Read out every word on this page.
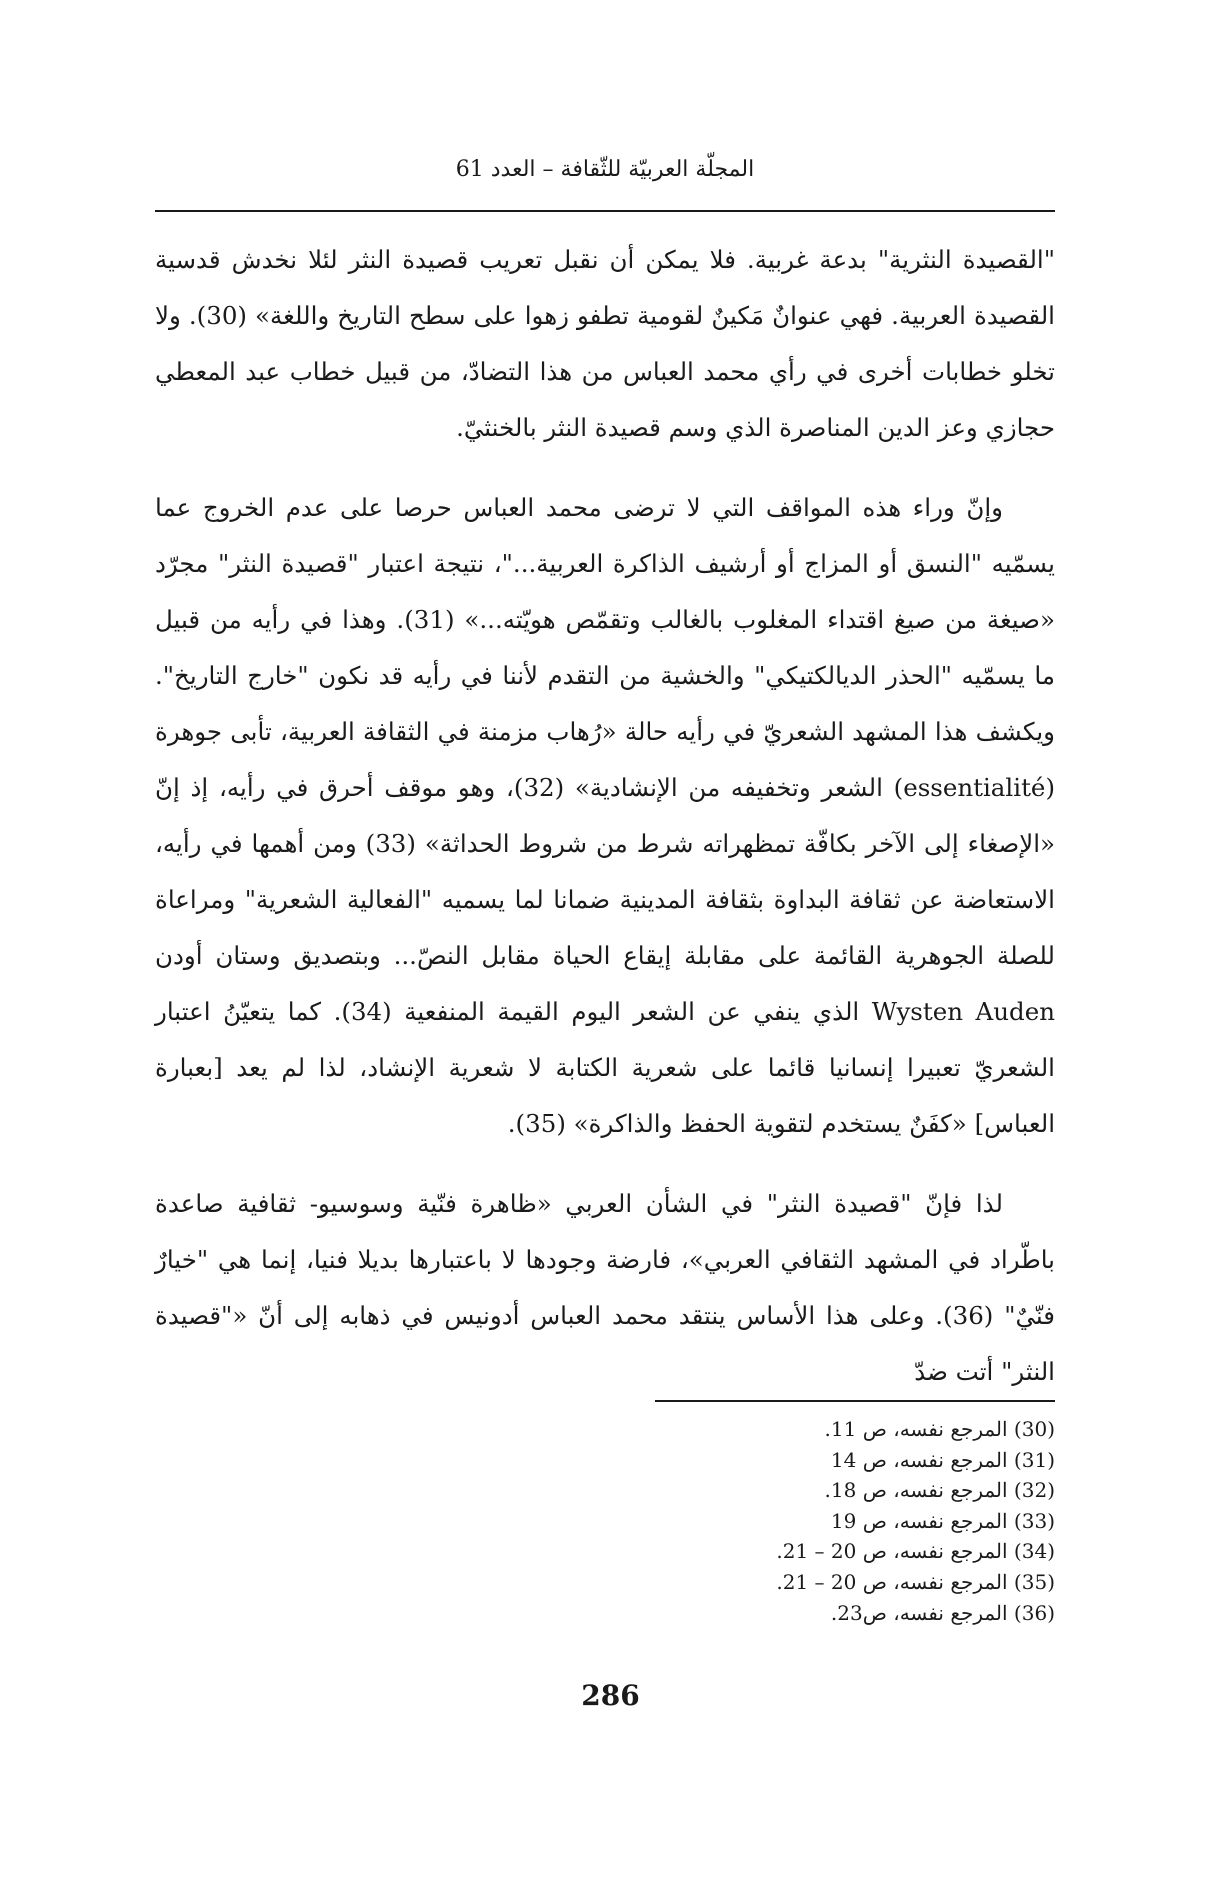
المجلّة العربيّة للثّقافة – العدد 61

"القصيدة النثرية" بدعة غربية. فلا يمكن أن نقبل تعريب قصيدة النثر لئلا نخدش قدسية القصيدة العربية. فهي عنوانٌ مَكينٌ لقومية تطفو زهوا على سطح التاريخ واللغة» (30). ولا تخلو خطابات أخرى في رأي محمد العباس من هذا التضادّ، من قبيل خطاب عبد المعطي حجازي وعز الدين المناصرة الذي وسم قصيدة النثر بالخنثيّ.

وإنّ وراء هذه المواقف التي لا ترضى محمد العباس حرصا على عدم الخروج عما يسمّيه "النسق أو المزاج أو أرشيف الذاكرة العربية..."، نتيجة اعتبار "قصيدة النثر" مجرّد «صيغة من صيغ اقتداء المغلوب بالغالب وتقمّص هويّته...» (31). وهذا في رأيه من قبيل ما يسمّيه "الحذر الديالكتيكي" والخشية من التقدم لأننا في رأيه قد نكون "خارج التاريخ". ويكشف هذا المشهد الشعريّ في رأيه حالة «رُهاب مزمنة في الثقافة العربية، تأبى جوهرة (essentialité) الشعر وتخفيفه من الإنشادية» (32)، وهو موقف أحرق في رأيه، إذ إنّ «الإصغاء إلى الآخر بكافّة تمظهراته شرط من شروط الحداثة» (33) ومن أهمها في رأيه، الاستعاضة عن ثقافة البداوة بثقافة المدينية ضمانا لما يسميه "الفعالية الشعرية" ومراعاة للصلة الجوهرية القائمة على مقابلة إيقاع الحياة مقابل النصّ... وبتصديق وستان أودن Wysten Auden الذي ينفي عن الشعر اليوم القيمة المنفعية (34). كما يتعيّنُ اعتبار الشعريّ تعبيرا إنسانيا قائما على شعرية الكتابة لا شعرية الإنشاد، لذا لم يعد [بعبارة العباس] «كفَنٌ يستخدم لتقوية الحفظ والذاكرة» (35).

لذا فإنّ "قصيدة النثر" في الشأن العربي «ظاهرة فنّية وسوسيو- ثقافية صاعدة باطّراد في المشهد الثقافي العربي»، فارضة وجودها لا باعتبارها بديلا فنيا، إنما هي "خيارٌ فنّيٌ" (36). وعلى هذا الأساس ينتقد محمد العباس أدونيس في ذهابه إلى أنّ «"قصيدة النثر" أتت ضدّ

(30) المرجع نفسه، ص 11.
(31) المرجع نفسه، ص 14
(32) المرجع نفسه، ص 18.
(33) المرجع نفسه، ص 19
(34) المرجع نفسه، ص 20 – 21.
(35) المرجع نفسه، ص 20 – 21.
(36) المرجع نفسه، ص23.
286
